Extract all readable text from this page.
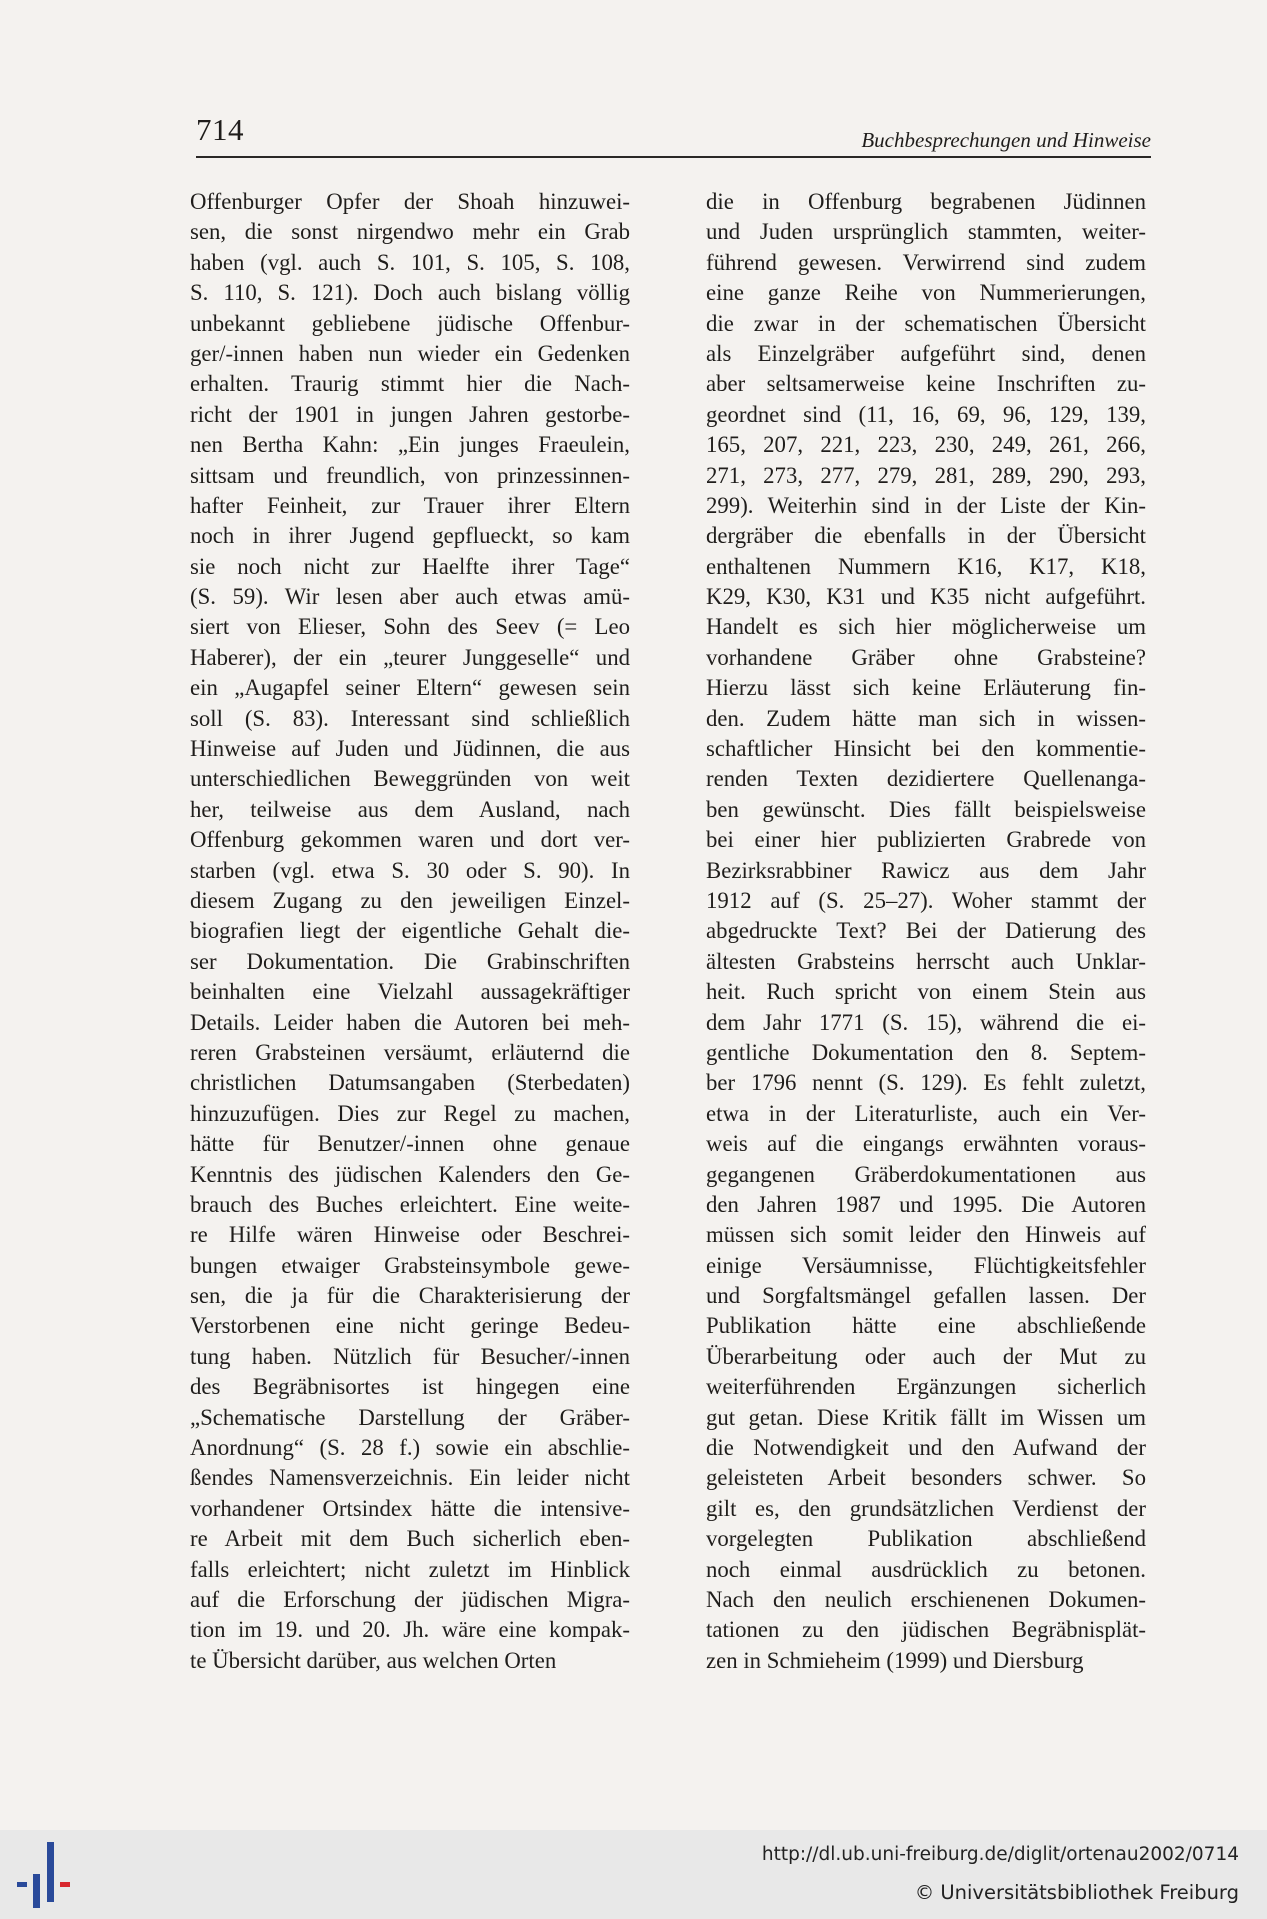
714	Buchbesprechungen und Hinweise
Offenburger Opfer der Shoah hinzuwei-
sen, die sonst nirgendwo mehr ein Grab
haben (vgl. auch S. 101, S. 105, S. 108,
S. 110, S. 121). Doch auch bislang völlig
unbekannt gebliebene jüdische Offenbur-
ger/-innen haben nun wieder ein Gedenken
erhalten. Traurig stimmt hier die Nach-
richt der 1901 in jungen Jahren gestorbe-
nen Bertha Kahn: „Ein junges Fraeulein,
sittsam und freundlich, von prinzessinnen-
hafter Feinheit, zur Trauer ihrer Eltern
noch in ihrer Jugend gepflueckt, so kam
sie noch nicht zur Haelfte ihrer Tage“
(S. 59). Wir lesen aber auch etwas amü-
siert von Elieser, Sohn des Seev (= Leo
Haberer), der ein „teurer Junggeselle“ und
ein „Augapfel seiner Eltern“ gewesen sein
soll (S. 83). Interessant sind schließlich
Hinweise auf Juden und Jüdinnen, die aus
unterschiedlichen Beweggründen von weit
her, teilweise aus dem Ausland, nach
Offenburg gekommen waren und dort ver-
starben (vgl. etwa S. 30 oder S. 90). In
diesem Zugang zu den jeweiligen Einzel-
biografien liegt der eigentliche Gehalt die-
ser Dokumentation. Die Grabinschriften
beinhalten eine Vielzahl aussagekräftiger
Details. Leider haben die Autoren bei meh-
reren Grabsteinen versäumt, erläuternd die
christlichen Datumsangaben (Sterbedaten)
hinzuzufügen. Dies zur Regel zu machen,
hätte für Benutzer/-innen ohne genaue
Kenntnis des jüdischen Kalenders den Ge-
brauch des Buches erleichtert. Eine weite-
re Hilfe wären Hinweise oder Beschrei-
bungen etwaiger Grabsteinsymbole gewe-
sen, die ja für die Charakterisierung der
Verstorbenen eine nicht geringe Bedeu-
tung haben. Nützlich für Besucher/-innen
des Begräbnisortes ist hingegen eine
„Schematische Darstellung der Gräber-
Anordnung“ (S. 28 f.) sowie ein abschlie-
ßendes Namensverzeichnis. Ein leider nicht
vorhandener Ortsindex hätte die intensive-
re Arbeit mit dem Buch sicherlich eben-
falls erleichtert; nicht zuletzt im Hinblick
auf die Erforschung der jüdischen Migra-
tion im 19. und 20. Jh. wäre eine kompak-
te Übersicht darüber, aus welchen Orten
die in Offenburg begrabenen Jüdinnen
und Juden ursprünglich stammten, weiter-
führend gewesen. Verwirrend sind zudem
eine ganze Reihe von Nummerierungen,
die zwar in der schematischen Übersicht
als Einzelgräber aufgeführt sind, denen
aber seltsamerweise keine Inschriften zu-
geordnet sind (11, 16, 69, 96, 129, 139,
165, 207, 221, 223, 230, 249, 261, 266,
271, 273, 277, 279, 281, 289, 290, 293,
299). Weiterhin sind in der Liste der Kin-
dergräber die ebenfalls in der Übersicht
enthaltenen Nummern K16, K17, K18,
K29, K30, K31 und K35 nicht aufgeführt.
Handelt es sich hier möglicherweise um
vorhandene Gräber ohne Grabsteine?
Hierzu lässt sich keine Erläuterung fin-
den. Zudem hätte man sich in wissen-
schaftlicher Hinsicht bei den kommentie-
renden Texten dezidiertere Quellenanga-
ben gewünscht. Dies fällt beispielsweise
bei einer hier publizierten Grabrede von
Bezirksrabbiner Rawicz aus dem Jahr
1912 auf (S. 25–27). Woher stammt der
abgedruckte Text? Bei der Datierung des
ältesten Grabsteins herrscht auch Unklar-
heit. Ruch spricht von einem Stein aus
dem Jahr 1771 (S. 15), während die ei-
gentliche Dokumentation den 8. Septem-
ber 1796 nennt (S. 129). Es fehlt zuletzt,
etwa in der Literaturliste, auch ein Ver-
weis auf die eingangs erwähnten voraus-
gegangenen Gräberdokumentationen aus
den Jahren 1987 und 1995. Die Autoren
müssen sich somit leider den Hinweis auf
einige Versäumnisse, Flüchtigkeitsfehler
und Sorgfaltsmängel gefallen lassen. Der
Publikation hätte eine abschließende
Überarbeitung oder auch der Mut zu
weiterführenden Ergänzungen sicherlich
gut getan. Diese Kritik fällt im Wissen um
die Notwendigkeit und den Aufwand der
geleisteten Arbeit besonders schwer. So
gilt es, den grundsätzlichen Verdienst der
vorgelegten Publikation abschließend
noch einmal ausdrücklich zu betonen.
Nach den neulich erschienenen Dokumen-
tationen zu den jüdischen Begräbnisplät-
zen in Schmieheim (1999) und Diersburg
http://dl.ub.uni-freiburg.de/diglit/ortenau2002/0714
© Universitätsbibliothek Freiburg
